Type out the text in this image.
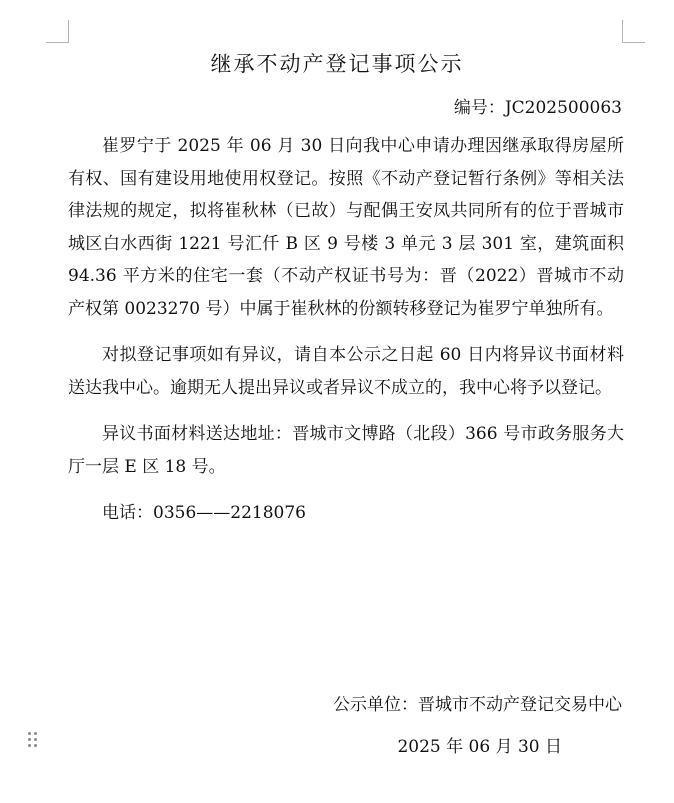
继承不动产登记事项公示
编号：JC202500063

崔罗宁于 2025 年 06 月 30 日向我中心申请办理因继承取得房屋所有权、国有建设用地使用权登记。按照《不动产登记暂行条例》等相关法律法规的规定，拟将崔秋林（已故）与配偶王安凤共同所有的位于晋城市城区白水西街 1221 号汇仟 B 区 9 号楼 3 单元 3 层 301 室，建筑面积 94.36 平方米的住宅一套（不动产权证书号为：晋（2022）晋城市不动产权第 0023270 号）中属于崔秋林的份额转移登记为崔罗宁单独所有。

对拟登记事项如有异议，请自本公示之日起 60 日内将异议书面材料送达我中心。逾期无人提出异议或者异议不成立的，我中心将予以登记。

异议书面材料送达地址：晋城市文博路（北段）366 号市政务服务大厅一层 E 区 18 号。

电话：0356——2218076

公示单位：晋城市不动产登记交易中心
2025 年 06 月 30 日
